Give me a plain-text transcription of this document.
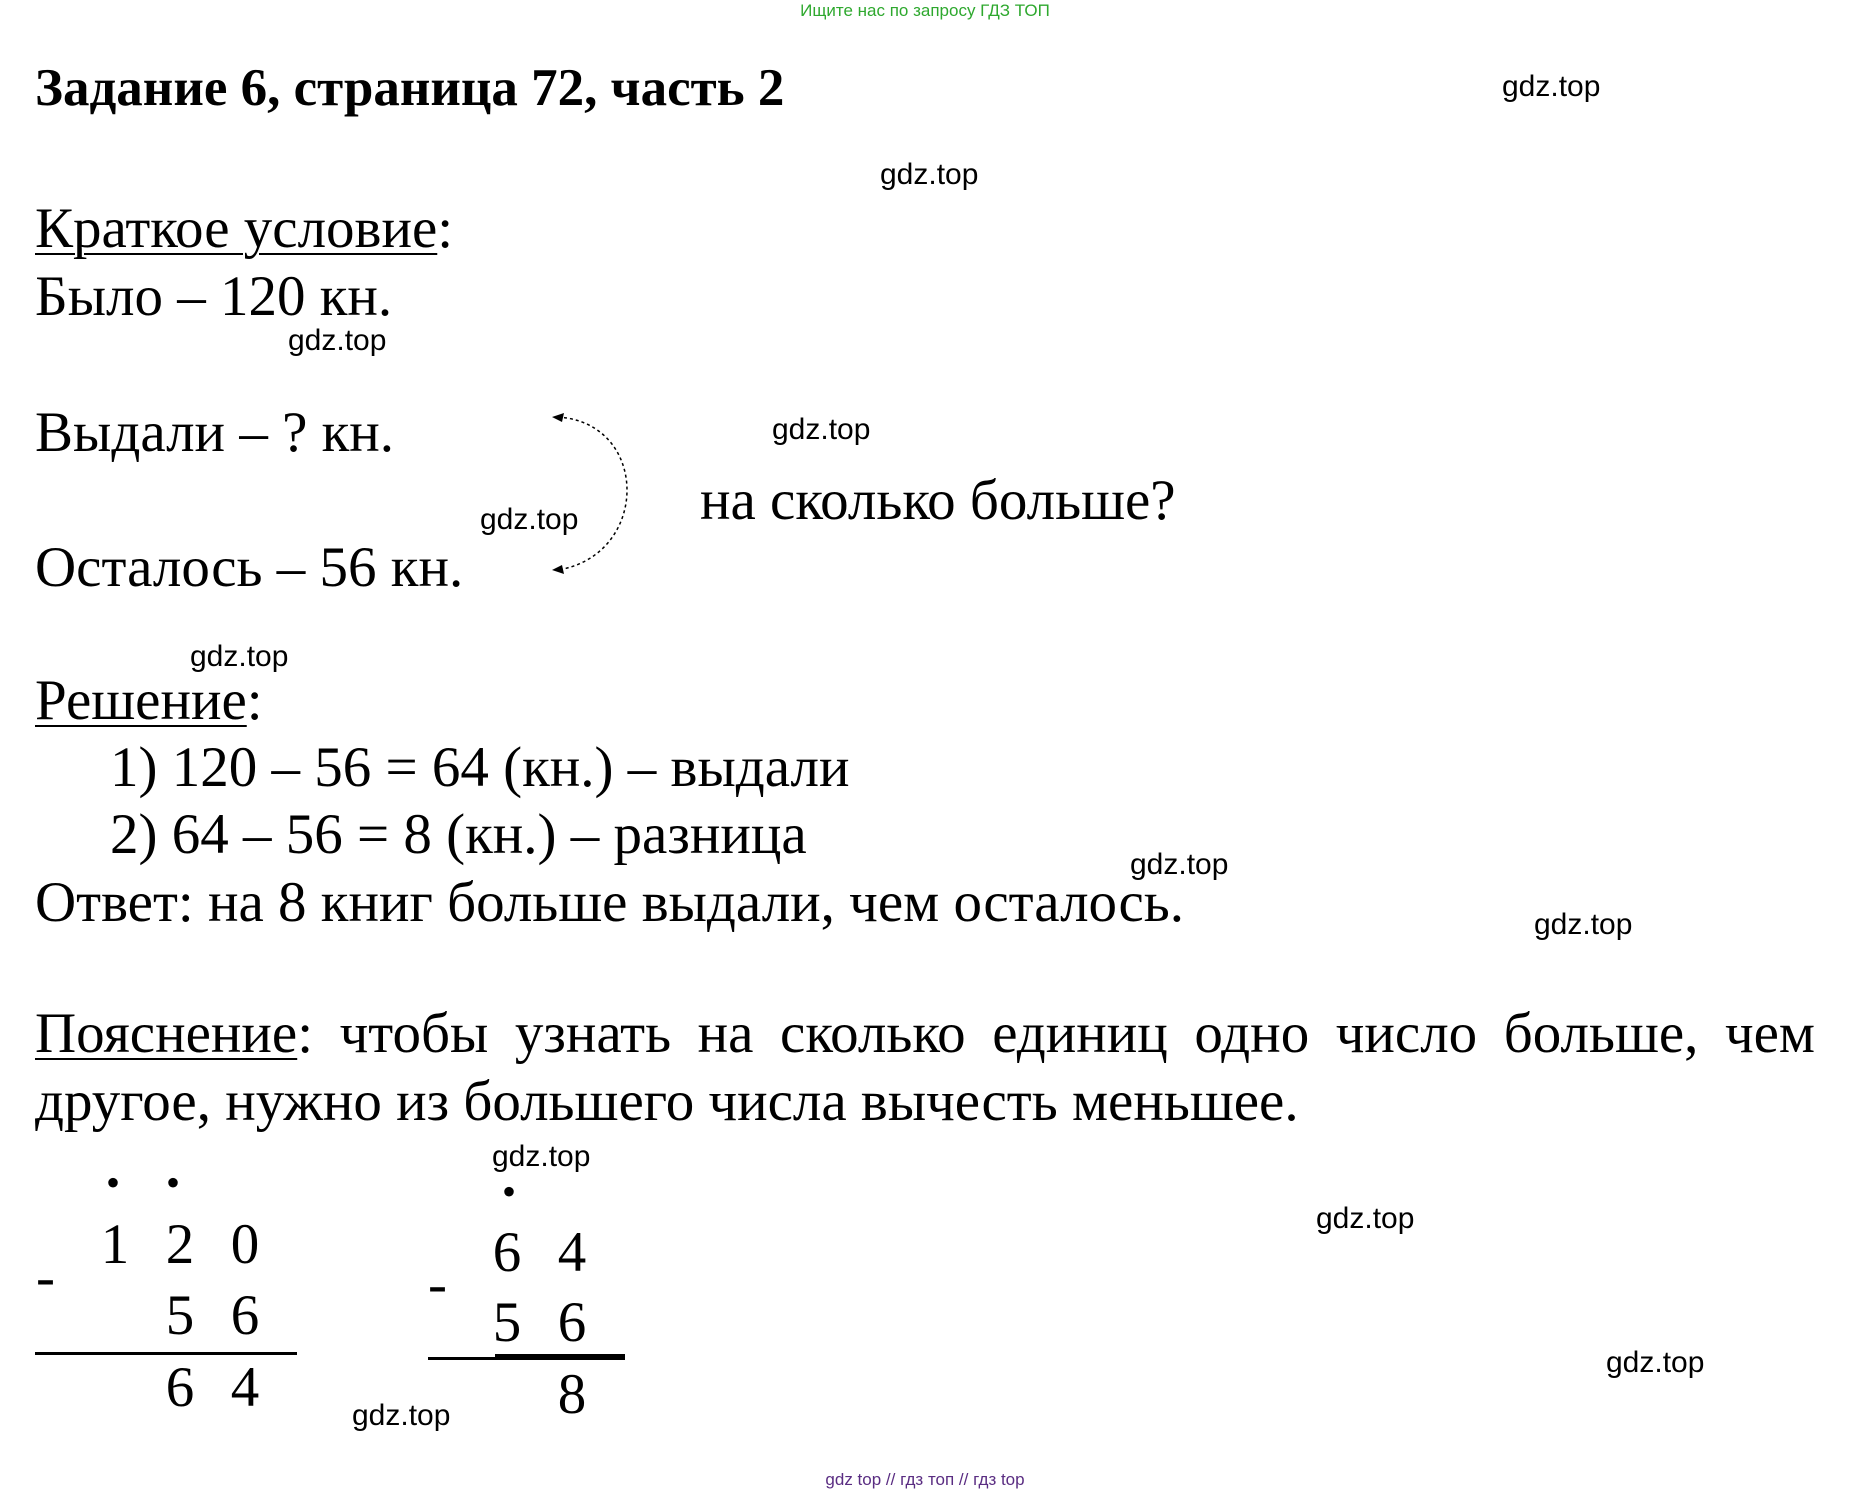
Ищите нас по запросу ГДЗ ТОП
Задание 6, страница 72, часть 2
Краткое условие:
Было – 120 кн.
Выдали – ? кн.
Осталось – 56 кн.
на сколько больше?
Решение:
1) 120 – 56 = 64 (кн.) – выдали
2) 64 – 56 = 8 (кн.) – разница
Ответ: на 8 книг больше выдали, чем осталось.
Пояснение: чтобы узнать на сколько единиц одно число больше, чем другое, нужно из большего числа вычесть меньшее.
• •
1 2 0
-
5 6
6 4
•
6 4
-
5 6
8
gdz.top
gdz.top
gdz.top
gdz.top
gdz.top
gdz.top
gdz.top
gdz.top
gdz.top
gdz.top
gdz.top
gdz.top
gdz top // гдз топ // гдз top
